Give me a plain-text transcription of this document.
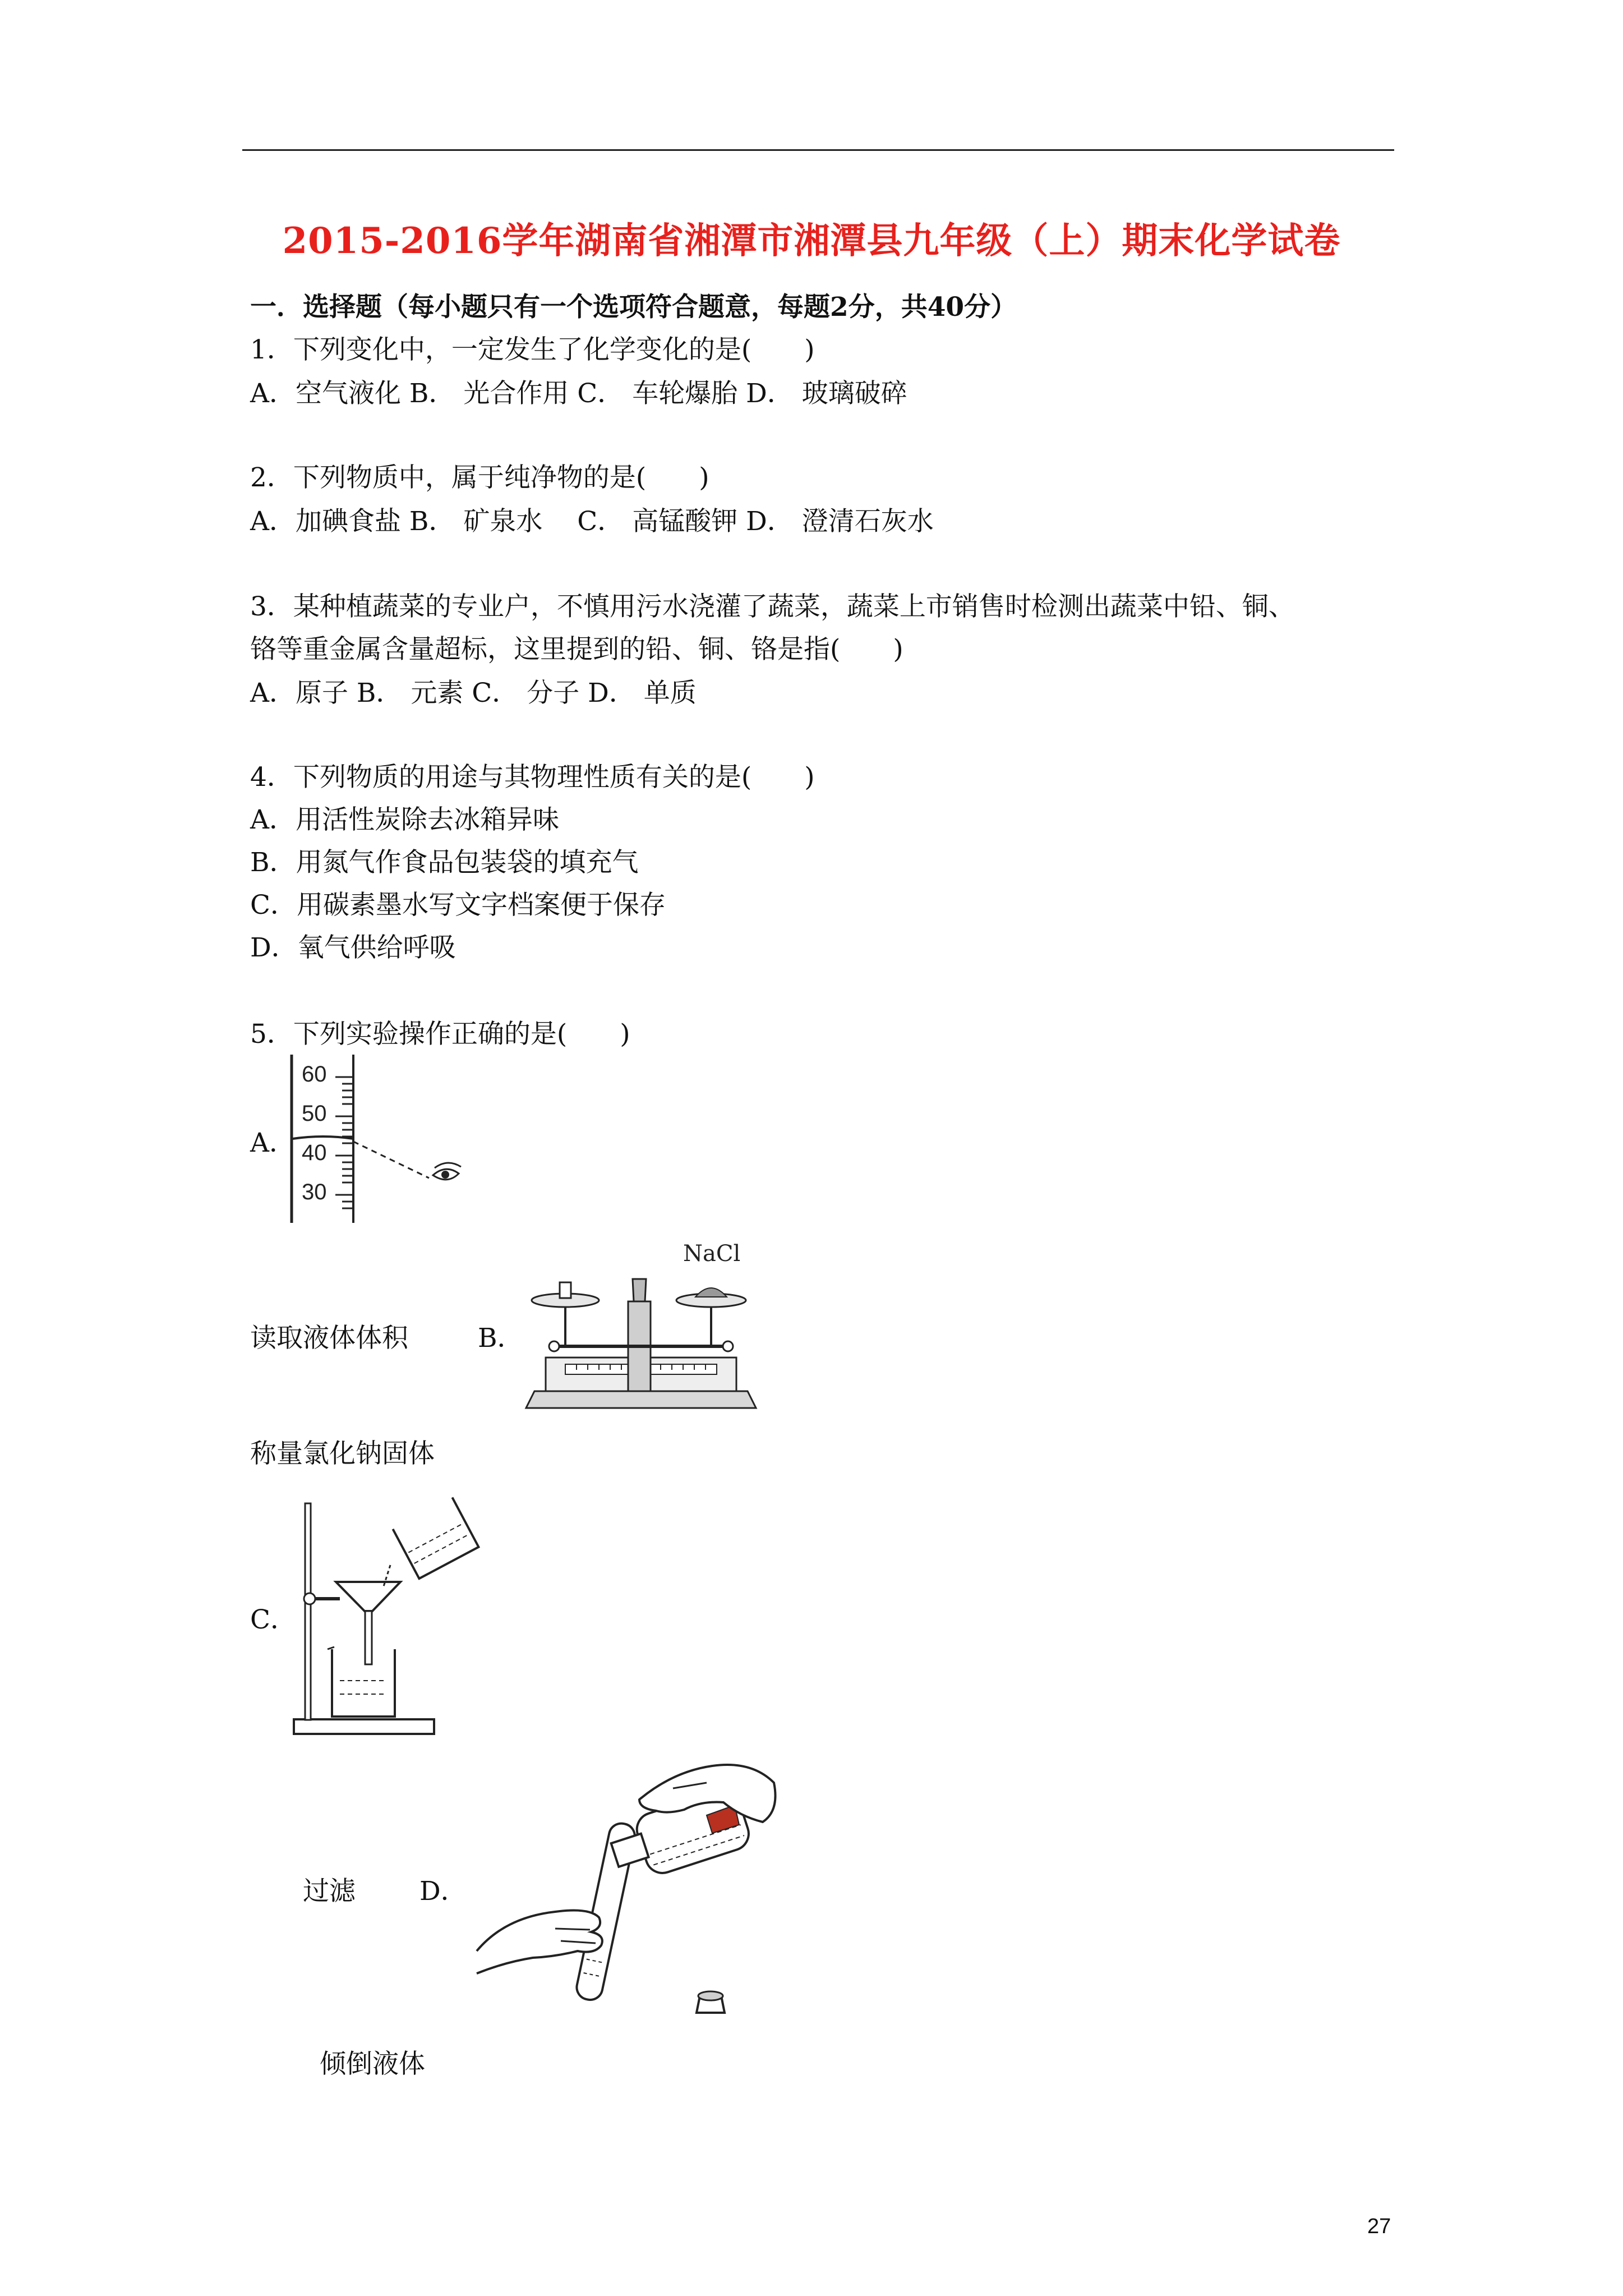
2015-2016学年湖南省湘潭市湘潭县九年级（上）期末化学试卷
一．选择题（每小题只有一个选项符合题意，每题2分，共40分）
1．下列变化中，一定发生了化学变化的是(　　)
A．空气液化 B． 光合作用 C． 车轮爆胎 D． 玻璃破碎
2．下列物质中，属于纯净物的是(　　)
A．加碘食盐 B． 矿泉水　 C． 高锰酸钾 D． 澄清石灰水
3．某种植蔬菜的专业户，不慎用污水浇灌了蔬菜，蔬菜上市销售时检测出蔬菜中铅、铜、
铬等重金属含量超标，这里提到的铅、铜、铬是指(　　)
A．原子 B． 元素 C． 分子 D． 单质
4．下列物质的用途与其物理性质有关的是(　　)
A．用活性炭除去冰箱异味
B．用氮气作食品包装袋的填充气
C．用碳素墨水写文字档案便于保存
D．氧气供给呼吸
5．下列实验操作正确的是(　　)
A．
60
50
40
30
读取液体体积	B．
NaCl
称量氯化钠固体
C．
过滤 D．
倾倒液体
27
